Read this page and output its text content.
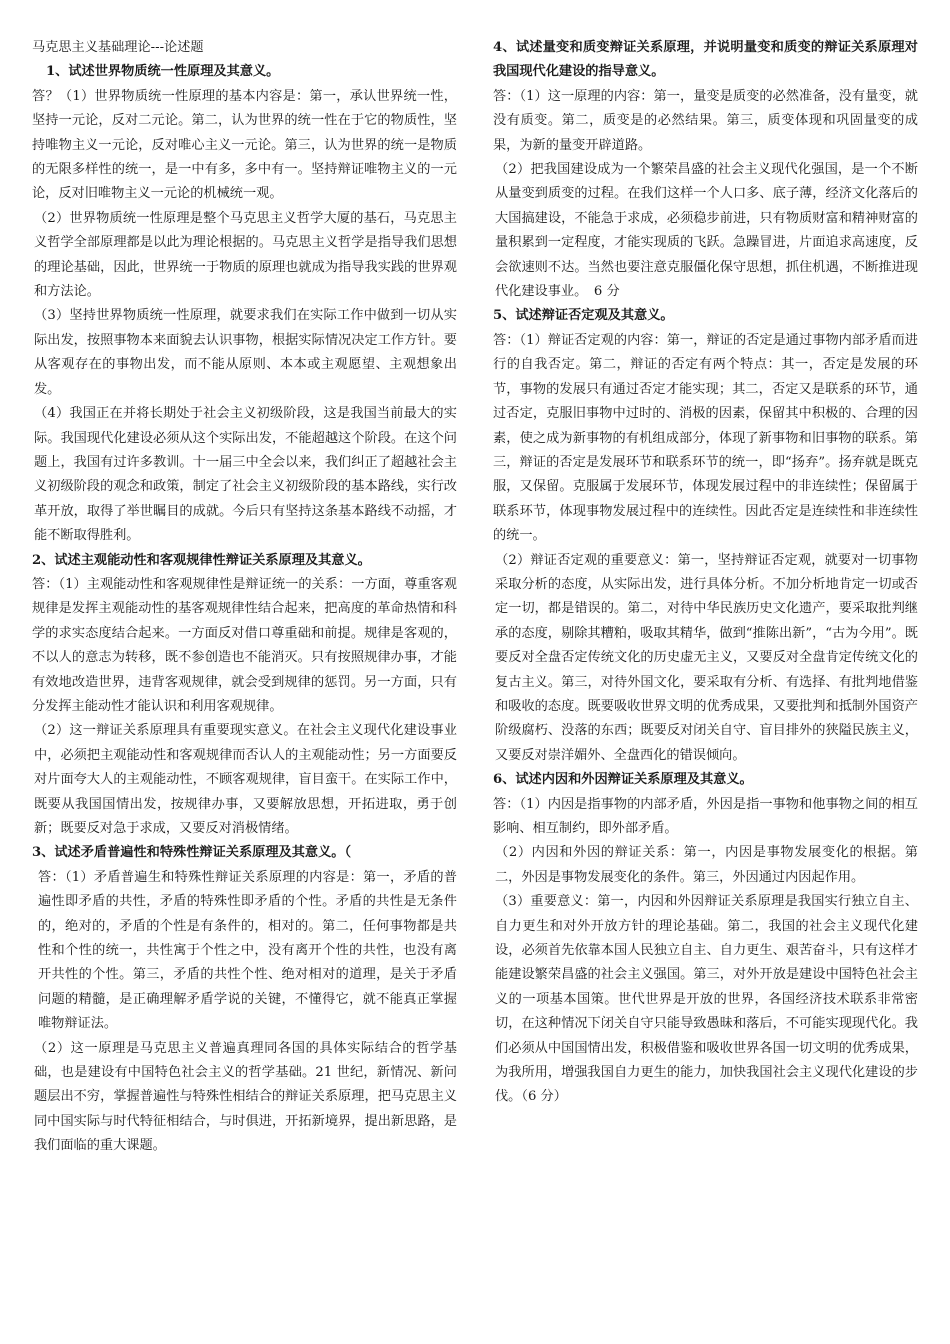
马克思主义基础理论---论述题

1、试述世界物质统一性原理及其意义。

答？（1）世界物质统一性原理的基本内容是：第一，承认世界统一性，坚持一元论，反对二元论。第二，认为世界的统一性在于它的物质性，坚持唯物主义一元论，反对唯心主义一元论。第三，认为世界的统一是物质的无限多样性的统一，是一中有多，多中有一。坚持辩证唯物主义的一元论，反对旧唯物主义一元论的机械统一观。

（2）世界物质统一性原理是整个马克思主义哲学大厦的基石，马克思主义哲学全部原理都是以此为理论根据的。马克思主义哲学是指导我们思想的理论基础，因此，世界统一于物质的原理也就成为指导我实践的世界观和方法论。

（3）坚持世界物质统一性原理，就要求我们在实际工作中做到一切从实际出发，按照事物本来面貌去认识事物，根据实际情况决定工作方针。要从客观存在的事物出发，而不能从原则、本本或主观愿望、主观想象出发。

（4）我国正在并将长期处于社会主义初级阶段，这是我国当前最大的实际。我国现代化建设必须从这个实际出发，不能超越这个阶段。在这个问题上，我国有过许多教训。十一届三中全会以来，我们纠正了超越社会主义初级阶段的观念和政策，制定了社会主义初级阶段的基本路线，实行改革开放，取得了举世瞩目的成就。今后只有坚持这条基本路线不动摇，才能不断取得胜利。

2、试述主观能动性和客观规律性辩证关系原理及其意义。

答：（1）主观能动性和客观规律性是辩证统一的关系：一方面，尊重客观规律是发挥主观能动性的基客观规律性结合起来，把高度的革命热情和科学的求实态度结合起来。一方面反对借口尊重础和前提。规律是客观的，不以人的意志为转移，既不参创造也不能消灭。只有按照规律办事，才能有效地改造世界，违背客观规律，就会受到规律的惩罚。另一方面，只有分发挥主能动性才能认识和利用客观规律。

（2）这一辩证关系原理具有重要现实意义。在社会主义现代化建设事业中，必须把主观能动性和客观规律而否认人的主观能动性；另一方面要反对片面夸大人的主观能动性，不顾客观规律，盲目蛮干。在实际工作中，既要从我国国情出发，按规律办事，又要解放思想，开拓进取，勇于创新；既要反对急于求成，又要反对消极情绪。

3、试述矛盾普遍性和特殊性辩证关系原理及其意义。（

答：（1）矛盾普遍生和特殊性辩证关系原理的内容是：第一，矛盾的普遍性即矛盾的共性，矛盾的特殊性即矛盾的个性。矛盾的共性是无条件的，绝对的，矛盾的个性是有条件的，相对的。第二，任何事物都是共性和个性的统一，共性寓于个性之中，没有离开个性的共性，也没有离开共性的个性。第三，矛盾的共性个性、绝对相对的道理，是关于矛盾问题的精髓，是正确理解矛盾学说的关键，不懂得它，就不能真正掌握唯物辩证法。

（2）这一原理是马克思主义普遍真理同各国的具体实际结合的哲学基础，也是建设有中国特色社会主义的哲学基础。21 世纪，新情况、新问题层出不穷，掌握普遍性与特殊性相结合的辩证关系原理，把马克思主义同中国实际与时代特征相结合，与时俱进，开拓新境界，提出新思路，是我们面临的重大课题。

4、试述量变和质变辩证关系原理，并说明量变和质变的辩证关系原理对我国现代化建设的指导意义。

答：（1）这一原理的内容：第一，量变是质变的必然准备，没有量变，就没有质变。第二，质变是的必然结果。第三，质变体现和巩固量变的成果，为新的量变开辟道路。

（2）把我国建设成为一个繁荣昌盛的社会主义现代化强国，是一个不断从量变到质变的过程。在我们这样一个人口多、底子薄，经济文化落后的大国搞建设，不能急于求成，必须稳步前进，只有物质财富和精神财富的量积累到一定程度，才能实现质的飞跃。急躁冒进，片面追求高速度，反会欲速则不达。当然也要注意克服僵化保守思想，抓住机遇，不断推进现代化建设事业。　6 分

5、试述辩证否定观及其意义。

答：（1）辩证否定观的内容：第一，辩证的否定是通过事物内部矛盾而进行的自我否定。第二，辩证的否定有两个特点：其一，否定是发展的环节，事物的发展只有通过否定才能实现；其二，否定又是联系的环节，通过否定，克服旧事物中过时的、消极的因素，保留其中积极的、合理的因素，使之成为新事物的有机组成部分，体现了新事物和旧事物的联系。第三，辩证的否定是发展环节和联系环节的统一，即“扬弃”。扬弃就是既克服，又保留。克服属于发展环节，体现发展过程中的非连续性；保留属于联系环节，体现事物发展过程中的连续性。因此否定是连续性和非连续性的统一。

（2）辩证否定观的重要意义：第一，坚持辩证否定观，就要对一切事物采取分析的态度，从实际出发，进行具体分析。不加分析地肯定一切或否定一切，都是错误的。第二，对待中华民族历史文化遗产，要采取批判继承的态度，剔除其糟粕，吸取其精华，做到“推陈出新”，“古为今用”。既要反对全盘否定传统文化的历史虚无主义，又要反对全盘肯定传统文化的复古主义。第三，对待外国文化，要采取有分析、有选择、有批判地借鉴和吸收的态度。既要吸收世界文明的优秀成果，又要批判和抵制外国资产阶级腐朽、没落的东西；既要反对闭关自守、盲目排外的狭隘民族主义，又要反对崇洋媚外、全盘西化的错误倾向。

6、试述内因和外因辩证关系原理及其意义。

答：（1）内因是指事物的内部矛盾，外因是指一事物和他事物之间的相互影响、相互制约，即外部矛盾。

（2）内因和外因的辩证关系：第一，内因是事物发展变化的根据。第二，外因是事物发展变化的条件。第三，外因通过内因起作用。

（3）重要意义：第一，内因和外因辩证关系原理是我国实行独立自主、自力更生和对外开放方针的理论基础。第二，我国的社会主义现代化建设，必须首先依靠本国人民独立自主、自力更生、艰苦奋斗，只有这样才能建设繁荣昌盛的社会主义强国。第三，对外开放是建设中国特色社会主义的一项基本国策。世代世界是开放的世界，各国经济技术联系非常密切，在这种情况下闭关自守只能导致愚昧和落后，不可能实现现代化。我们必须从中国国情出发，积极借鉴和吸收世界各国一切文明的优秀成果，为我所用，增强我国自力更生的能力，加快我国社会主义现代化建设的步伐。（6 分）
